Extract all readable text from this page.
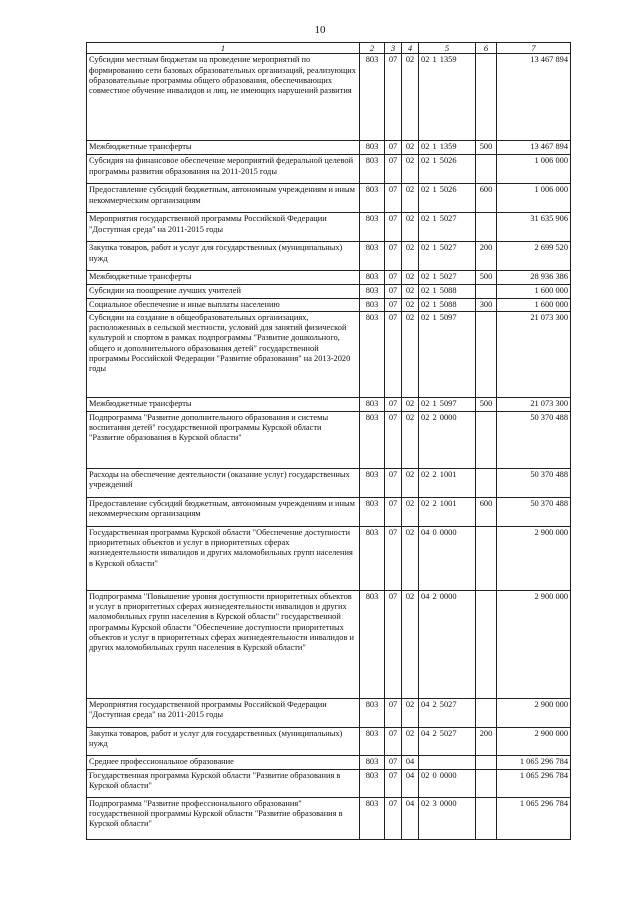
10
1	2	3	4	5	6	7
Субсидии местным бюджетам на проведение мероприятий по формированию сети базовых образовательных организаций, реализующих образовательные программы общего образования, обеспечивающих совместное обучение инвалидов и лиц, не имеющих нарушений развития	803	07	02	02 1 1359		13 467 894
Межбюджетные трансферты	803	07	02	02 1 1359	500	13 467 894
Субсидия на финансовое обеспечение мероприятий федеральной целевой программы развития образования на 2011-2015 годы	803	07	02	02 1 5026		1 006 000
Предоставление субсидий бюджетным, автономным учреждениям и иным некоммерческим организациям	803	07	02	02 1 5026	600	1 006 000
Мероприятия государственной программы Российской Федерации "Доступная среда" на 2011-2015 годы	803	07	02	02 1 5027		31 635 906
Закупка товаров, работ и услуг для государственных (муниципальных) нужд	803	07	02	02 1 5027	200	2 699 520
Межбюджетные трансферты	803	07	02	02 1 5027	500	28 936 386
Субсидии на поощрение лучших учителей	803	07	02	02 1 5088		1 600 000
Социальное обеспечение и иные выплаты населению	803	07	02	02 1 5088	300	1 600 000
Субсидии на создание в общеобразовательных организациях, расположенных в сельской местности, условий для занятий физической культурой и спортом в рамках подпрограммы "Развитие дошкольного, общего и дополнительного образования детей" государственной программы Российской Федерации "Развитие образования" на 2013-2020 годы	803	07	02	02 1 5097		21 073 300
Межбюджетные трансферты	803	07	02	02 1 5097	500	21 073 300
Подпрограмма "Развитие дополнительного образования и системы воспитания детей" государственной программы Курской области "Развитие образования в Курской области"	803	07	02	02 2 0000		50 370 488
Расходы на обеспечение деятельности (оказание услуг) государственных учреждений	803	07	02	02 2 1001		50 370 488
Предоставление субсидий бюджетным, автономным учреждениям и иным некоммерческим организациям	803	07	02	02 2 1001	600	50 370 488
Государственная программа Курской области "Обеспечение доступности приоритетных объектов и услуг в приоритетных сферах жизнедеятельности инвалидов и других маломобильных групп населения в Курской области"	803	07	02	04 0 0000		2 900 000
Подпрограмма "Повышение уровня доступности приоритетных объектов и услуг в приоритетных сферах жизнедеятельности инвалидов и других маломобильных групп населения в Курской области" государственной программы Курской области "Обеспечение доступности приоритетных объектов и услуг в приоритетных сферах жизнедеятельности инвалидов и других маломобильных групп населения в Курской области"	803	07	02	04 2 0000		2 900 000
Мероприятия государственной программы Российской Федерации "Доступная среда" на 2011-2015 годы	803	07	02	04 2 5027		2 900 000
Закупка товаров, работ и услуг для государственных (муниципальных) нужд	803	07	02	04 2 5027	200	2 900 000
Среднее профессиональное образование	803	07	04			1 065 296 784
Государственная программа Курской области "Развитие образования в Курской области"	803	07	04	02 0 0000		1 065 296 784
Подпрограмма "Развитие профессионального образования" государственной программы Курской области "Развитие образования в Курской области"	803	07	04	02 3 0000		1 065 296 784
